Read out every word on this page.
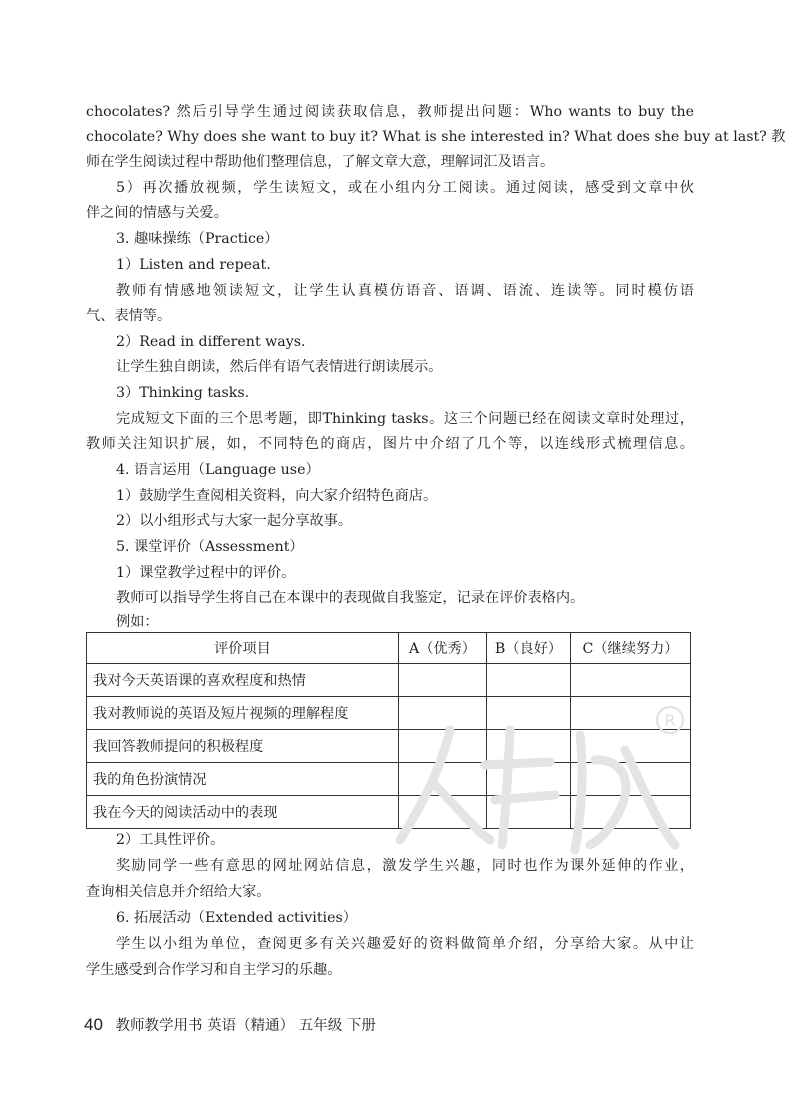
chocolates? 然后引导学生通过阅读获取信息，教师提出问题：Who wants to buy the
chocolate? Why does she want to buy it? What is she interested in? What does she buy at last? 教
师在学生阅读过程中帮助他们整理信息，了解文章大意，理解词汇及语言。
5）再次播放视频，学生读短文，或在小组内分工阅读。通过阅读，感受到文章中伙
伴之间的情感与关爱。
3. 趣味操练（Practice）
1）Listen and repeat.
教师有情感地领读短文，让学生认真模仿语音、语调、语流、连读等。同时模仿语
气、表情等。
2）Read in different ways.
让学生独自朗读，然后伴有语气表情进行朗读展示。
3）Thinking tasks.
完成短文下面的三个思考题，即Thinking tasks。这三个问题已经在阅读文章时处理过，
教师关注知识扩展，如，不同特色的商店，图片中介绍了几个等，以连线形式梳理信息。
4. 语言运用（Language use）
1）鼓励学生查阅相关资料，向大家介绍特色商店。
2）以小组形式与大家一起分享故事。
5. 课堂评价（Assessment）
1）课堂教学过程中的评价。
教师可以指导学生将自己在本课中的表现做自我鉴定，记录在评价表格内。
例如：
评价项目	A（优秀）	B（良好）	C（继续努力）
我对今天英语课的喜欢程度和热情			
我对教师说的英语及短片视频的理解程度			
我回答教师提问的积极程度			
我的角色扮演情况			
我在今天的阅读活动中的表现			
R
2）工具性评价。
奖励同学一些有意思的网址网站信息，激发学生兴趣，同时也作为课外延伸的作业，
查询相关信息并介绍给大家。
6. 拓展活动（Extended activities）
学生以小组为单位，查阅更多有关兴趣爱好的资料做简单介绍，分享给大家。从中让
学生感受到合作学习和自主学习的乐趣。
40 教师教学用书 英语（精通） 五年级 下册
